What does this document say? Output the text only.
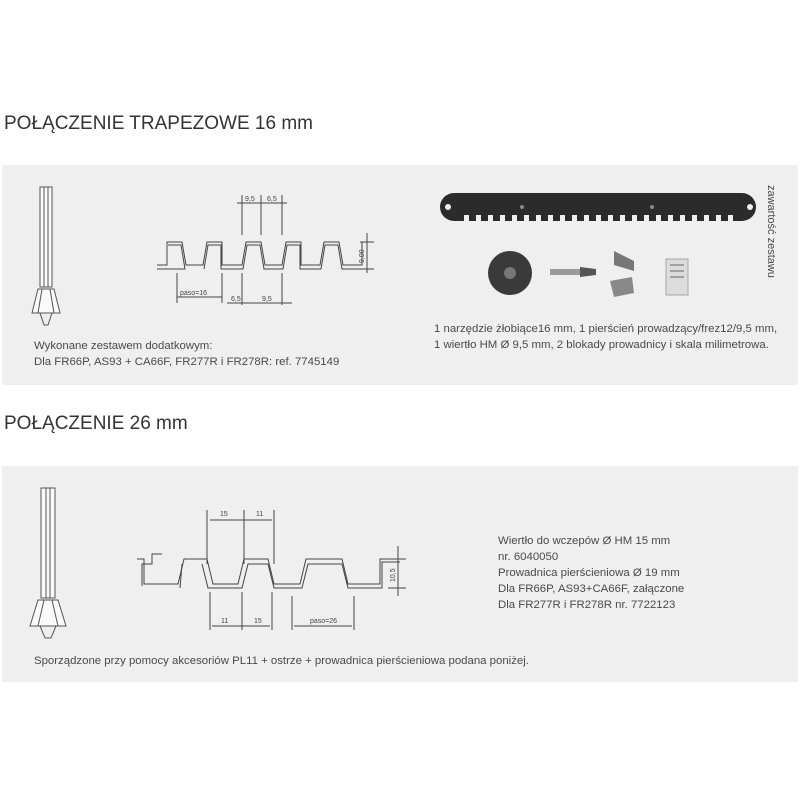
POŁĄCZENIE TRAPEZOWE 16 mm
9,5 6,5
9,00
paso=16
6,5	9,5
Wykonane zestawem dodatkowym:
Dla FR66P, AS93 + CA66F, FR277R i FR278R: ref. 7745149
1 narzędzie żłobiące16 mm, 1 pierścień prowadzący/frez12/9,5 mm,
1 wiertło HM Ø 9,5 mm, 2 blokady prowadnicy i skala milimetrowa.
zawartość zestawu
POŁĄCZENIE 26 mm
15	11
10,5
11	15	paso=26
Wiertło do wczepów Ø HM 15 mm
nr. 6040050
Prowadnica pierścieniowa Ø 19 mm
Dla FR66P, AS93+CA66F, załączone
Dla FR277R i FR278R nr. 7722123
Sporządzone przy pomocy akcesoriów PL11 + ostrze + prowadnica pierścieniowa podana poniżej.
